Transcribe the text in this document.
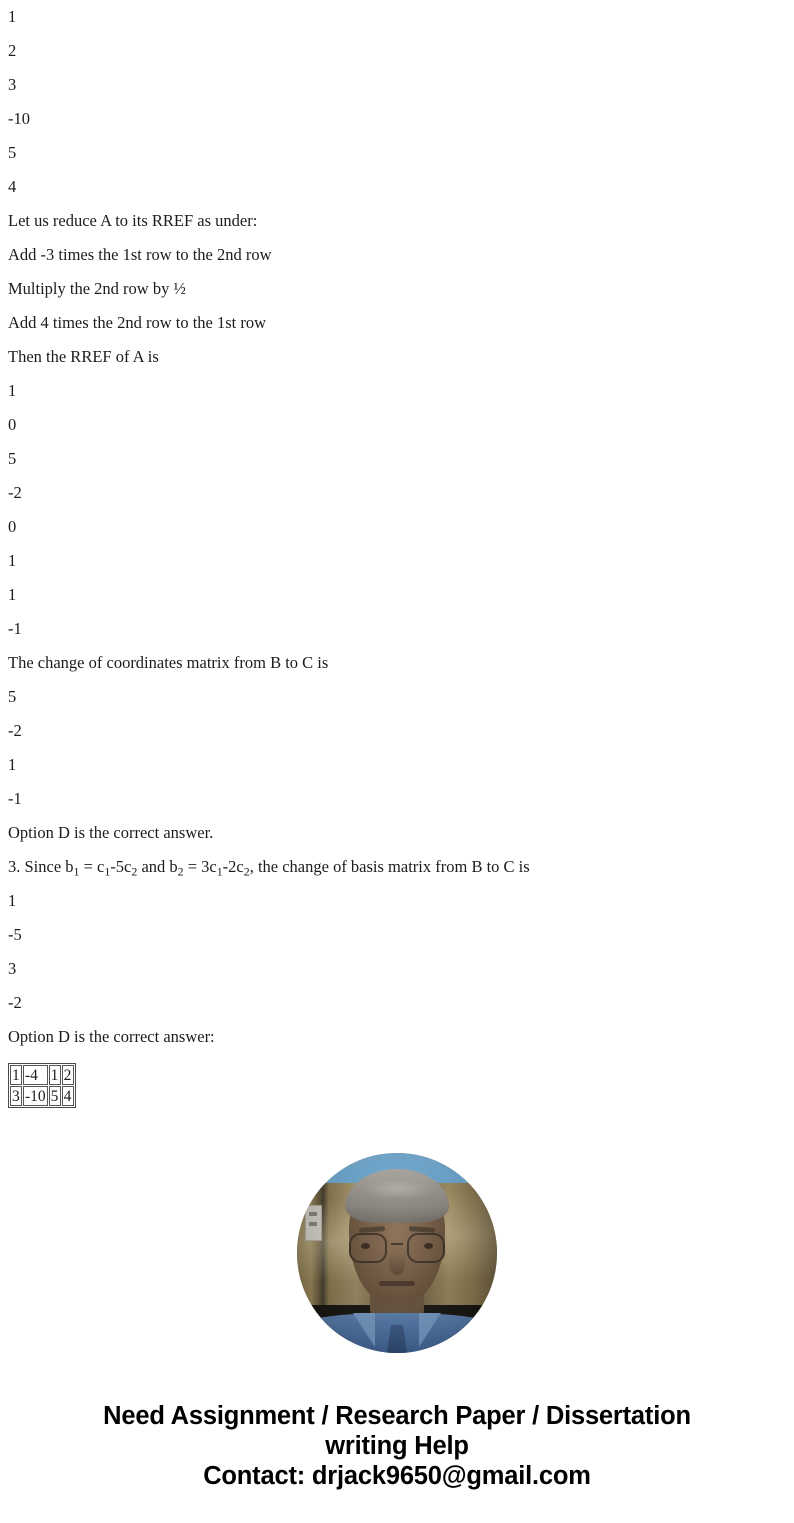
1

2

3

-10

5

4

Let us reduce A to its RREF as under:

Add -3 times the 1st row to the 2nd row

Multiply the 2nd row by ½

Add 4 times the 2nd row to the 1st row

Then the RREF of A is

1

0

5

-2

0

1

1

-1

The change of coordinates matrix from B to C is

5

-2

1

-1

Option D is the correct answer.

3. Since $b_1 = c_1-5c_2$ and $b_2 = 3c_1-2c_2$, the change of basis matrix from B to C is

1

-5

3

-2

Option D is the correct answer:

1	-4	1	2
3	-10	5	4
Need Assignment / Research Paper / Dissertation
writing Help
Contact: drjack9650@gmail.com
